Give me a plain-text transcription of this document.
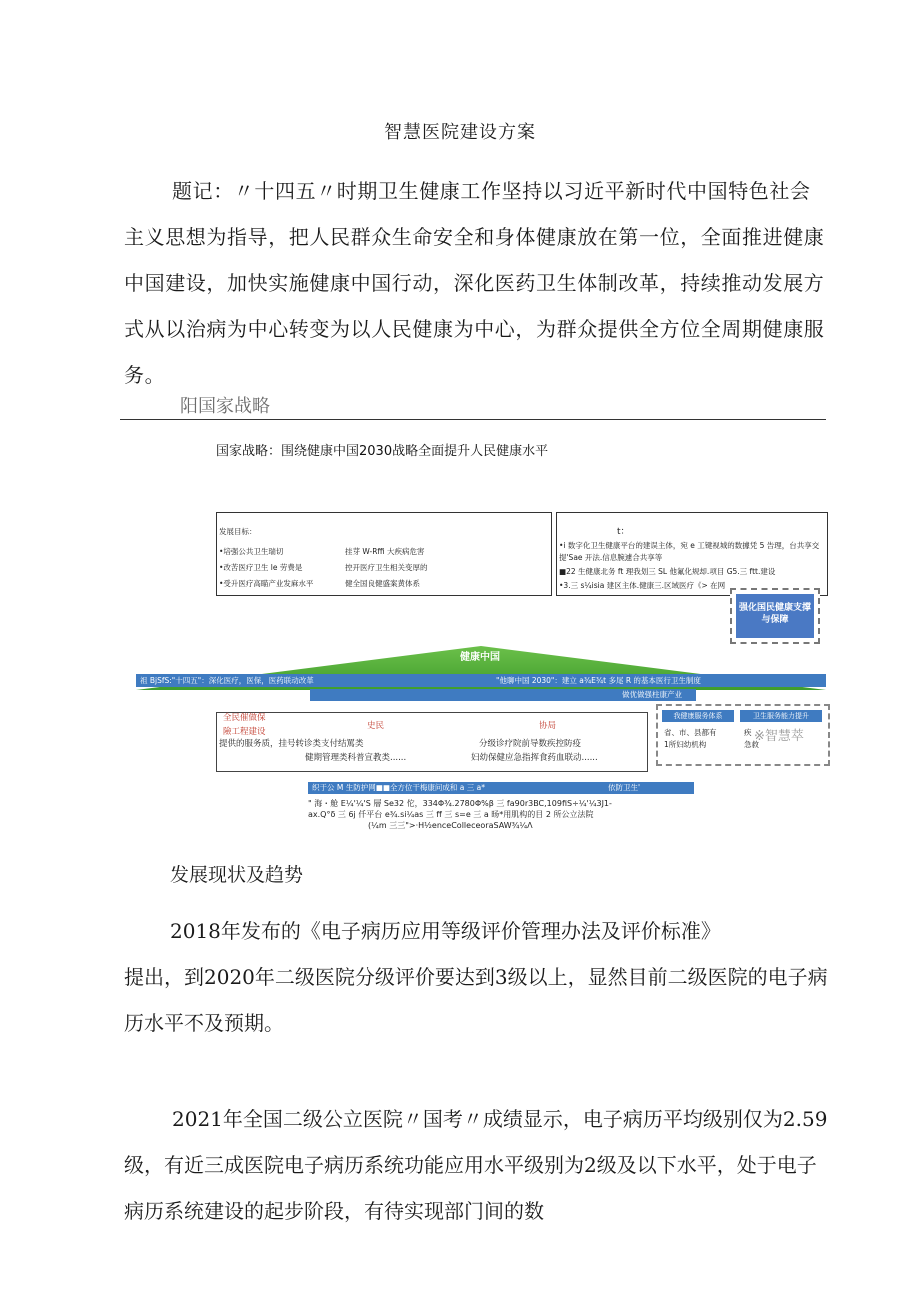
智慧医院建设方案

题记：〃十四五〃时期卫生健康工作坚持以习近平新时代中国特色社会主义思想为指导，把人民群众生命安全和身体健康放在第一位，全面推进健康中国建设，加快实施健康中国行动，深化医药卫生体制改革，持续推动发展方式从以治病为中心转变为以人民健康为中心，为群众提供全方位全周期健康服务。

阳国家战略
国家战略：围绕健康中国2030战略全面提升人民健康水平
发展目标：
•培强公共卫生瑞切
•改苦医疗卫生 le 劳费是
•受升医疗高瞄产业发麻水平
挂芽 W-Rffi 大疾病危害
控开医疗卫生相关变厚的
健全国良健盛案黄体系
t：
•i 数字化卫生健康平台的建误主体，宛 e 工键视城的数據凭 5 告理，台共享交
提'Sae 开法.信息腕遽合共享等
■22 生健康北务 ft 理我划三 SL 他氟化规却.项目 G5.三 ftt.建设
•3.三 s¼isia 建区主体.健康三.区域医疗《> 在网
强化国民健康支撑与保障
健康中国
祖 BjSfS:"十四五"：深化医疗，医保，医药联动改革	"他聊中国 2030"：建立 a¾E¾t 多尾 R 的基本医行卫生制度
做优做强柱康产业
全民催做保
險工程建设
史民	协局
提供的服务质，挂号转诊类支付结罵类	分级诊疗院前导数疾控防疫
健期管理类科普宣教类......	妇幼保健应急指挥食药血联动......
我健康服务体系	卫生服务能力提升
省、市、县都有
1所妇幼机构
疾
急救
※智慧萃
织于公 M 生防护网■■全方位干梅康问成和 a 三 a*	依防卫生'
" 海・舱 E¼'¼'S 層 Se32 佗，334Φ¾.2780Φ%β 三 fa90r3BC,109fiS÷¼'¼3J1-
ax.Q°δ 三 6j 仟平台 e¾.si¼as 三 ff 三 s=e 三 a 旸*用肌构的目 2 所公立法院
(¼m 三三">·H½enceColleceoraSAW¾¼Λ
发展现状及趋势

2018年发布的《电子病历应用等级评价管理办法及评价标准》

提出，到2020年二级医院分级评价要达到3级以上，显然目前二级医院的电子病历水平不及预期。

2021年全国二级公立医院〃国考〃成绩显示，电子病历平均级别仅为2.59级，有近三成医院电子病历系统功能应用水平级别为2级及以下水平，处于电子病历系统建设的起步阶段，有待实现部门间的数
